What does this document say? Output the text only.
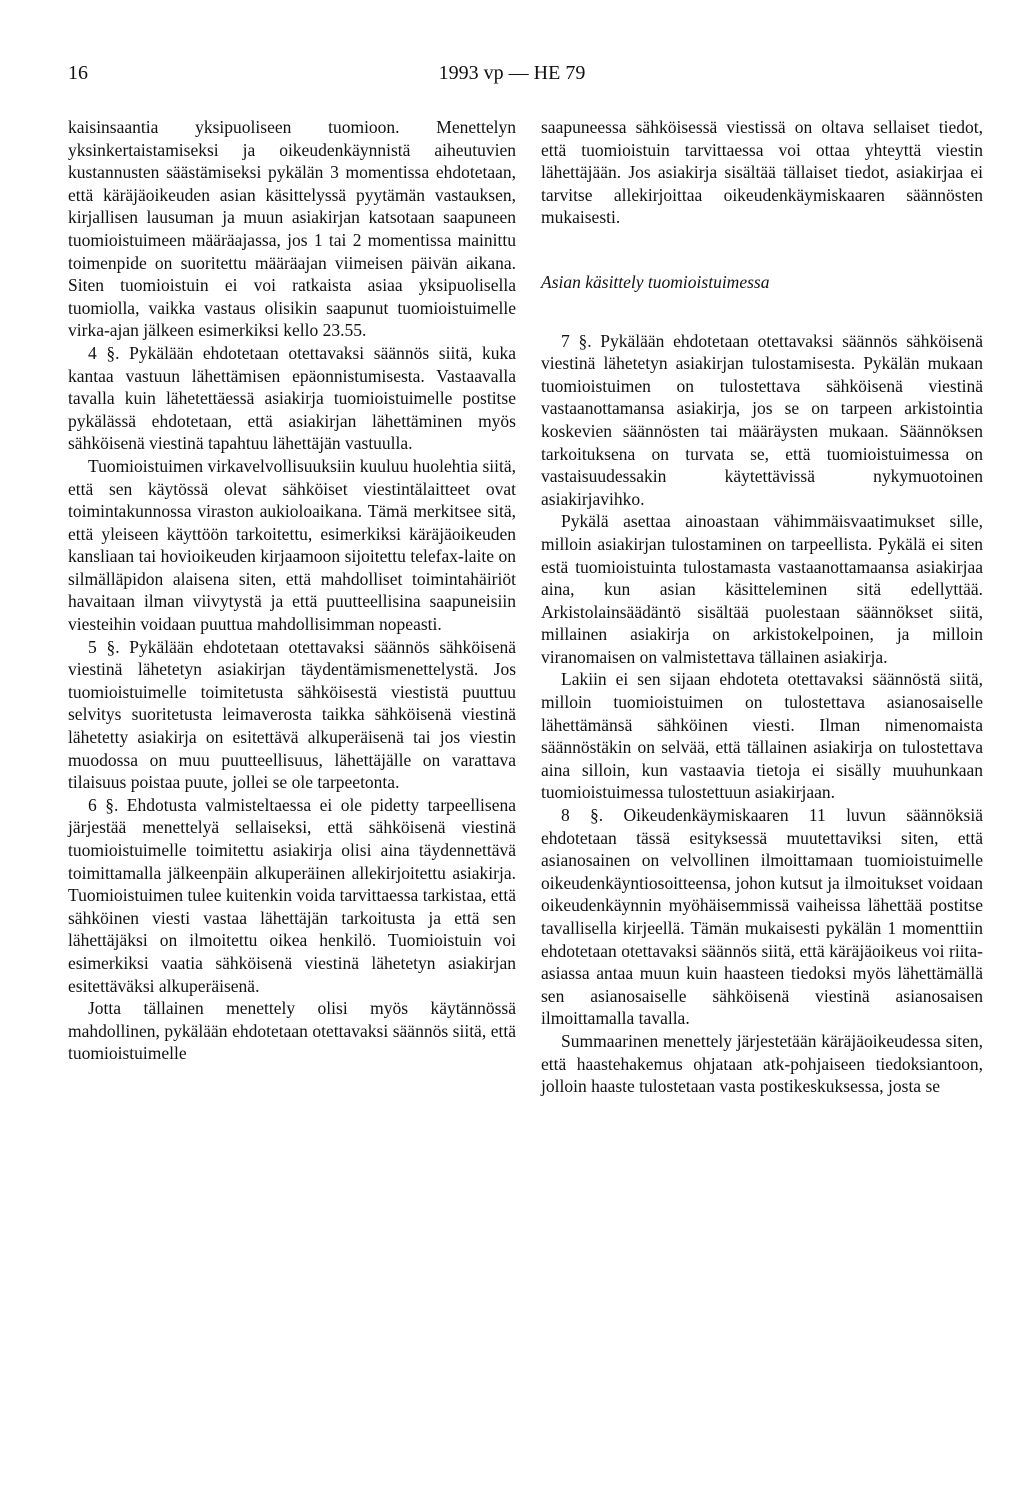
16	1993 vp — HE 79

kaisinsaantia yksipuoliseen tuomioon. Menettelyn yksinkertaistamiseksi ja oikeudenkäynnistä aiheutuvien kustannusten säästämiseksi pykälän 3 momentissa ehdotetaan, että käräjäoikeuden asian käsittelyssä pyytämän vastauksen, kirjallisen lausuman ja muun asiakirjan katsotaan saapuneen tuomioistuimeen määräajassa, jos 1 tai 2 momentissa mainittu toimenpide on suoritettu määräajan viimeisen päivän aikana. Siten tuomioistuin ei voi ratkaista asiaa yksipuolisella tuomiolla, vaikka vastaus olisikin saapunut tuomioistuimelle virka-ajan jälkeen esimerkiksi kello 23.55.

4 §. Pykälään ehdotetaan otettavaksi säännös siitä, kuka kantaa vastuun lähettämisen epäonnistumisesta. Vastaavalla tavalla kuin lähetettäessä asiakirja tuomioistuimelle postitse pykälässä ehdotetaan, että asiakirjan lähettäminen myös sähköisenä viestinä tapahtuu lähettäjän vastuulla.

Tuomioistuimen virkavelvollisuuksiin kuuluu huolehtia siitä, että sen käytössä olevat sähköiset viestintälaitteet ovat toimintakunnossa viraston aukioloaikana. Tämä merkitsee sitä, että yleiseen käyttöön tarkoitettu, esimerkiksi käräjäoikeuden kansliaan tai hovioikeuden kirjaamoon sijoitettu telefax-laite on silmälläpidon alaisena siten, että mahdolliset toimintahäiriöt havaitaan ilman viivytystä ja että puutteellisina saapuneisiin viesteihin voidaan puuttua mahdollisimman nopeasti.

5 §. Pykälään ehdotetaan otettavaksi säännös sähköisenä viestinä lähetetyn asiakirjan täydentämismenettelystä. Jos tuomioistuimelle toimitetusta sähköisestä viestistä puuttuu selvitys suoritetusta leimaverosta taikka sähköisenä viestinä lähetetty asiakirja on esitettävä alkuperäisenä tai jos viestin muodossa on muu puutteellisuus, lähettäjälle on varattava tilaisuus poistaa puute, jollei se ole tarpeetonta.

6 §. Ehdotusta valmisteltaessa ei ole pidetty tarpeellisena järjestää menettelyä sellaiseksi, että sähköisenä viestinä tuomioistuimelle toimitettu asiakirja olisi aina täydennettävä toimittamalla jälkeenpäin alkuperäinen allekirjoitettu asiakirja. Tuomioistuimen tulee kuitenkin voida tarvittaessa tarkistaa, että sähköinen viesti vastaa lähettäjän tarkoitusta ja että sen lähettäjäksi on ilmoitettu oikea henkilö. Tuomioistuin voi esimerkiksi vaatia sähköisenä viestinä lähetetyn asiakirjan esitettäväksi alkuperäisenä.

Jotta tällainen menettely olisi myös käytännössä mahdollinen, pykälään ehdotetaan otettavaksi säännös siitä, että tuomioistuimelle

saapuneessa sähköisessä viestissä on oltava sellaiset tiedot, että tuomioistuin tarvittaessa voi ottaa yhteyttä viestin lähettäjään. Jos asiakirja sisältää tällaiset tiedot, asiakirjaa ei tarvitse allekirjoittaa oikeudenkäymiskaaren säännösten mukaisesti.

Asian käsittely tuomioistuimessa

7 §. Pykälään ehdotetaan otettavaksi säännös sähköisenä viestinä lähetetyn asiakirjan tulostamisesta. Pykälän mukaan tuomioistuimen on tulostettava sähköisenä viestinä vastaanottamansa asiakirja, jos se on tarpeen arkistointia koskevien säännösten tai määräysten mukaan. Säännöksen tarkoituksena on turvata se, että tuomioistuimessa on vastaisuudessakin käytettävissä nykymuotoinen asiakirjavihko.

Pykälä asettaa ainoastaan vähimmäisvaatimukset sille, milloin asiakirjan tulostaminen on tarpeellista. Pykälä ei siten estä tuomioistuinta tulostamasta vastaanottamaansa asiakirjaa aina, kun asian käsitteleminen sitä edellyttää. Arkistolainsäädäntö sisältää puolestaan säännökset siitä, millainen asiakirja on arkistokelpoinen, ja milloin viranomaisen on valmistettava tällainen asiakirja.

Lakiin ei sen sijaan ehdoteta otettavaksi säännöstä siitä, milloin tuomioistuimen on tulostettava asianosaiselle lähettämänsä sähköinen viesti. Ilman nimenomaista säännöstäkin on selvää, että tällainen asiakirja on tulostettava aina silloin, kun vastaavia tietoja ei sisälly muuhunkaan tuomioistuimessa tulostettuun asiakirjaan.

8 §. Oikeudenkäymiskaaren 11 luvun säännöksiä ehdotetaan tässä esityksessä muutettaviksi siten, että asianosainen on velvollinen ilmoittamaan tuomioistuimelle oikeudenkäyntiosoitteensa, johon kutsut ja ilmoitukset voidaan oikeudenkäynnin myöhäisemmissä vaiheissa lähettää postitse tavallisella kirjeellä. Tämän mukaisesti pykälän 1 momenttiin ehdotetaan otettavaksi säännös siitä, että käräjäoikeus voi riita-asiassa antaa muun kuin haasteen tiedoksi myös lähettämällä sen asianosaiselle sähköisenä viestinä asianosaisen ilmoittamalla tavalla.

Summaarinen menettely järjestetään käräjäoikeudessa siten, että haastehakemus ohjataan atk-pohjaiseen tiedoksiantoon, jolloin haaste tulostetaan vasta postikeskuksessa, josta se
